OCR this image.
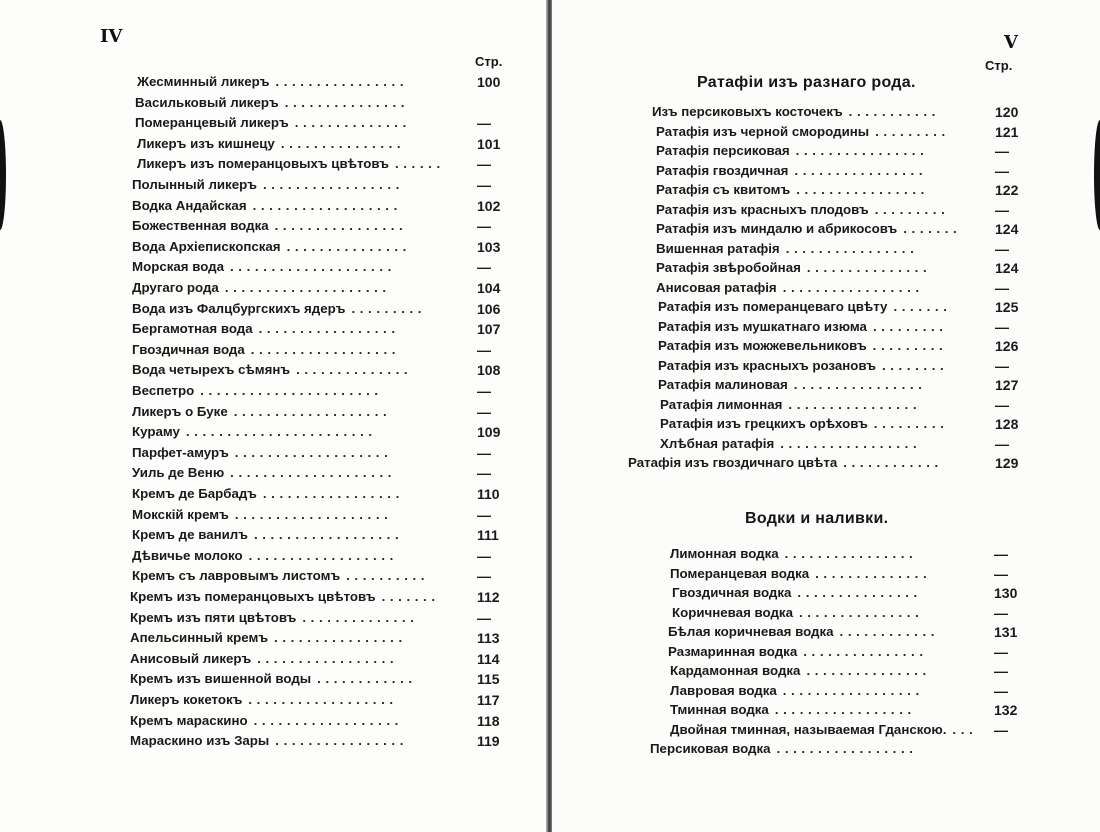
IV
Стр.
Жесминный ликеръ ................	100
Васильковый ликеръ ...............
Померанцевый ликеръ ..............	—
Ликеръ изъ кишнецу ...............	101
Ликеръ изъ померанцовыхъ цвѣтовъ ...... —
Полынный ликеръ .................	—
Водка Андайская ..................	102
Божественная водка ................	—
Вода Архіепископская ...............	103
Морская вода ....................	—
Другаго рода ....................	104
Вода изъ Фалцбургскихъ ядеръ .........	106
Бергамотная вода .................	107
Гвоздичная вода ..................	—
Вода четырехъ сѣмянъ ..............	108
Веспетро ......................	—
Ликеръ о Буке ...................	—
Кураму .......................	109
Парфет-амуръ ...................	—
Уиль де Веню ....................	—
Кремъ де Барбадъ .................	110
Мокскій кремъ ...................	—
Кремъ де ванилъ ..................	111
Дѣвичье молоко ..................	—
Кремъ съ лавровымъ листомъ ..........	—
Кремъ изъ померанцовыхъ цвѣтовъ .......	112
Кремъ изъ пяти цвѣтовъ ..............	—
Апельсинный кремъ ................	113
Анисовый ликеръ .................	114
Кремъ изъ вишенной воды ............	115
Ликеръ кокетокъ ..................	117
Кремъ мараскино ..................	118
Мараскино изъ Зары ................	119
V
Стр.
Ратафіи изъ разнаго рода.
Изъ персиковыхъ косточекъ ...........	120
Ратафія изъ черной смородины .........	121
Ратафія персиковая ................	—
Ратафія гвоздичная ................	—
Ратафія съ квитомъ ................	122
Ратафія изъ красныхъ плодовъ .........	—
Ратафія изъ миндалю и абрикосовъ ....... 124
Вишенная ратафія ................	—
Ратафія звѣробойная ...............	124
Анисовая ратафія .................	—
Ратафія изъ померанцеваго цвѣту .......	125
Ратафія изъ мушкатнаго изюма .........	—
Ратафія изъ можжевельниковъ .........	126
Ратафія изъ красныхъ розановъ ........	—
Ратафія малиновая ................	127
Ратафія лимонная ................	—
Ратафія изъ грецкихъ орѣховъ .........	128
Хлѣбная ратафія .................	—
Ратафія изъ гвоздичнаго цвѣта ............	129
Водки и наливки.
Лимонная водка ................	—
Померанцевая водка ..............	—
Гвоздичная водка ...............	130
Коричневая водка ...............	—
Бѣлая коричневая водка ............	131
Размаринная водка ...............	—
Кардамонная водка ...............	—
Лавровая водка .................	—
Тминная водка .................	132
Двойная тминная, называемая Гданскою. ... —
Персиковая водка .................
